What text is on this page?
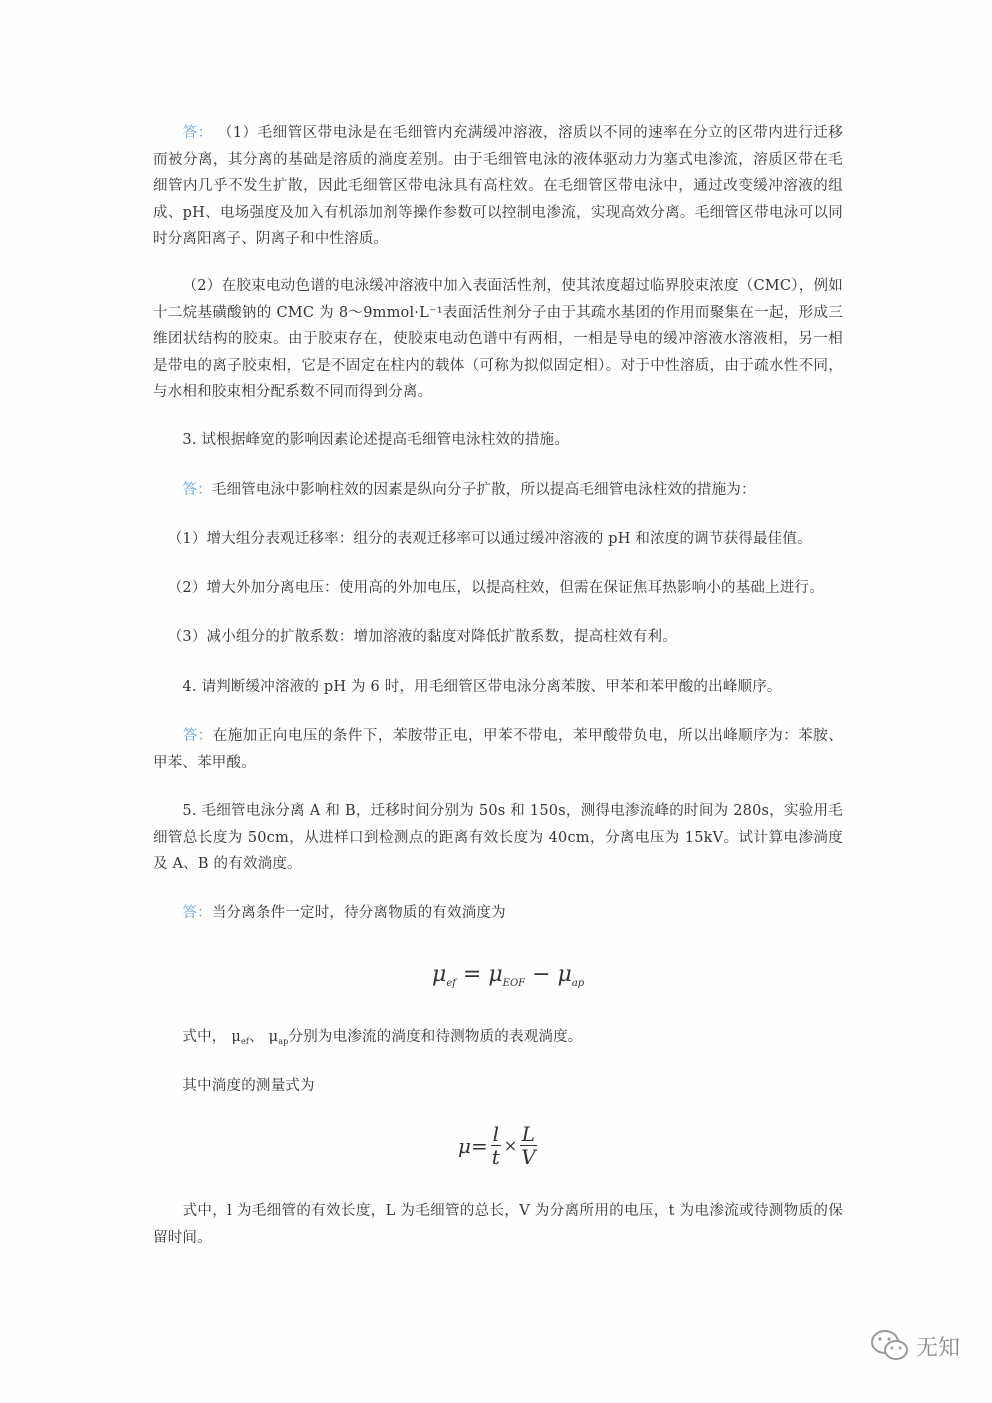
  答： （1）毛细管区带电泳是在毛细管内充满缓冲溶液，溶质以不同的速率在分立的区带内进行迁移而被分离，其分离的基础是溶质的淌度差别。由于毛细管电泳的液体驱动力为塞式电渗流，溶质区带在毛细管内几乎不发生扩散，因此毛细管区带电泳具有高柱效。在毛细管区带电泳中，通过改变缓冲溶液的组成、pH、电场强度及加入有机添加剂等操作参数可以控制电渗流，实现高效分离。毛细管区带电泳可以同时分离阳离子、阴离子和中性溶质。

  （2）在胶束电动色谱的电泳缓冲溶液中加入表面活性剂，使其浓度超过临界胶束浓度（CMC），例如十二烷基磺酸钠的 CMC 为 8～9mmol·L⁻¹表面活性剂分子由于其疏水基团的作用而聚集在一起，形成三维团状结构的胶束。由于胶束存在，使胶束电动色谱中有两相，一相是导电的缓冲溶液水溶液相，另一相是带电的离子胶束相，它是不固定在柱内的载体（可称为拟似固定相）。对于中性溶质，由于疏水性不同，与水相和胶束相分配系数不同而得到分离。

  3. 试根据峰宽的影响因素论述提高毛细管电泳柱效的措施。

  答：毛细管电泳中影响柱效的因素是纵向分子扩散，所以提高毛细管电泳柱效的措施为：

 （1）增大组分表观迁移率：组分的表观迁移率可以通过缓冲溶液的 pH 和浓度的调节获得最佳值。

 （2）增大外加分离电压：使用高的外加电压，以提高柱效，但需在保证焦耳热影响小的基础上进行。

 （3）减小组分的扩散系数：增加溶液的黏度对降低扩散系数，提高柱效有利。

  4. 请判断缓冲溶液的 pH 为 6 时，用毛细管区带电泳分离苯胺、甲苯和苯甲酸的出峰顺序。

  答：在施加正向电压的条件下，苯胺带正电，甲苯不带电，苯甲酸带负电，所以出峰顺序为：苯胺、甲苯、苯甲酸。

  5. 毛细管电泳分离 A 和 B，迁移时间分别为 50s 和 150s，测得电渗流峰的时间为 280s，实验用毛细管总长度为 50cm，从进样口到检测点的距离有效长度为 40cm，分离电压为 15kV。试计算电渗淌度及 A、B 的有效淌度。

  答：当分离条件一定时，待分离物质的有效淌度为

$\mu_{ef} = \mu_{EOF} - \mu_{ap}$

  式中， $\mu_{ef}$、 $\mu_{ap}$分别为电渗流的淌度和待测物质的表观淌度。

  其中淌度的测量式为

$\mu = \frac{l}{t} \times \frac{L}{V}$

  式中，l 为毛细管的有效长度，L 为毛细管的总长，V 为分离所用的电压，t 为电渗流或待测物质的保留时间。

无知
